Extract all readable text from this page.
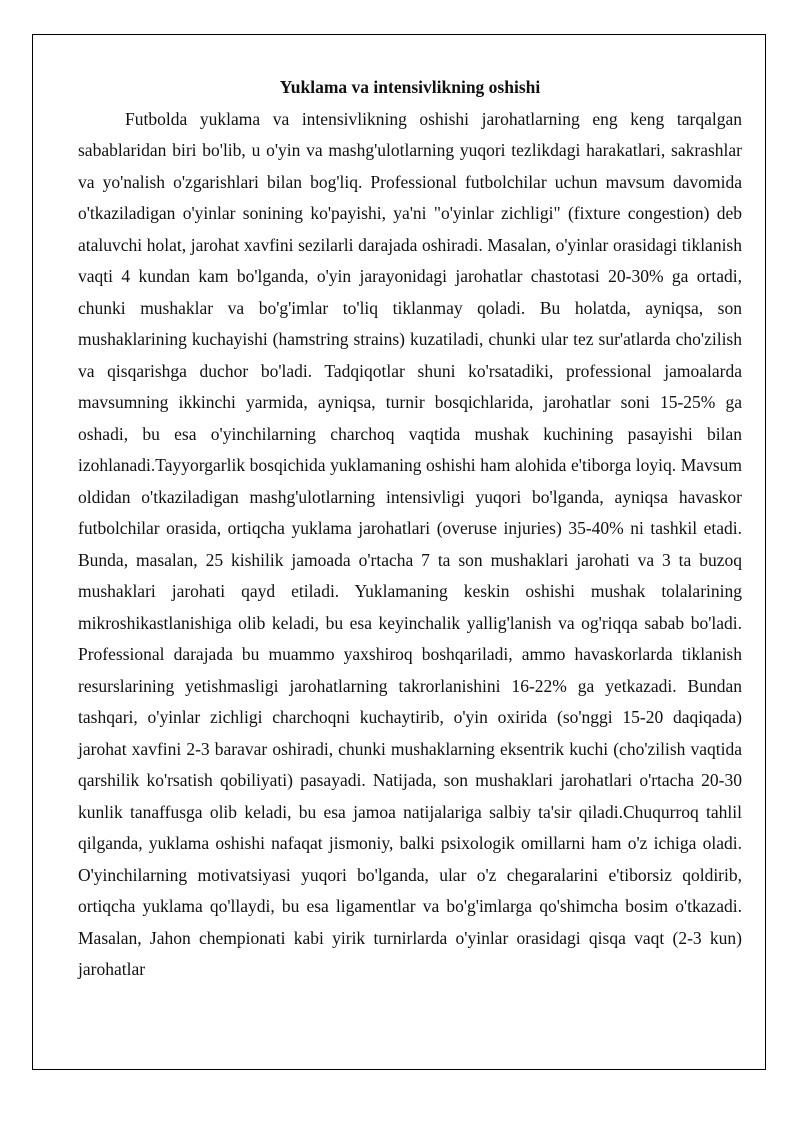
Yuklama va intensivlikning oshishi

Futbolda yuklama va intensivlikning oshishi jarohatlarning eng keng tarqalgan sabablaridan biri bo'lib, u o'yin va mashg'ulotlarning yuqori tezlikdagi harakatlari, sakrashlar va yo'nalish o'zgarishlari bilan bog'liq. Professional futbolchilar uchun mavsum davomida o'tkaziladigan o'yinlar sonining ko'payishi, ya'ni "o'yinlar zichligi" (fixture congestion) deb ataluvchi holat, jarohat xavfini sezilarli darajada oshiradi. Masalan, o'yinlar orasidagi tiklanish vaqti 4 kundan kam bo'lganda, o'yin jarayonidagi jarohatlar chastotasi 20-30% ga ortadi, chunki mushaklar va bo'g'imlar to'liq tiklanmay qoladi. Bu holatda, ayniqsa, son mushaklarining kuchayishi (hamstring strains) kuzatiladi, chunki ular tez sur'atlarda cho'zilish va qisqarishga duchor bo'ladi. Tadqiqotlar shuni ko'rsatadiki, professional jamoalarda mavsumning ikkinchi yarmida, ayniqsa, turnir bosqichlarida, jarohatlar soni 15-25% ga oshadi, bu esa o'yinchilarning charchoq vaqtida mushak kuchining pasayishi bilan izohlanadi.Tayyorgarlik bosqichida yuklamaning oshishi ham alohida e'tiborga loyiq. Mavsum oldidan o'tkaziladigan mashg'ulotlarning intensivligi yuqori bo'lganda, ayniqsa havaskor futbolchilar orasida, ortiqcha yuklama jarohatlari (overuse injuries) 35-40% ni tashkil etadi. Bunda, masalan, 25 kishilik jamoada o'rtacha 7 ta son mushaklari jarohati va 3 ta buzoq mushaklari jarohati qayd etiladi. Yuklamaning keskin oshishi mushak tolalarining mikroshikastlanishiga olib keladi, bu esa keyinchalik yallig'lanish va og'riqqa sabab bo'ladi. Professional darajada bu muammo yaxshiroq boshqariladi, ammo havaskorlarda tiklanish resurslarining yetishmasligi jarohatlarning takrorlanishini 16-22% ga yetkazadi. Bundan tashqari, o'yinlar zichligi charchoqni kuchaytirib, o'yin oxirida (so'nggi 15-20 daqiqada) jarohat xavfini 2-3 baravar oshiradi, chunki mushaklarning eksentrik kuchi (cho'zilish vaqtida qarshilik ko'rsatish qobiliyati) pasayadi. Natijada, son mushaklari jarohatlari o'rtacha 20-30 kunlik tanaffusga olib keladi, bu esa jamoa natijalariga salbiy ta'sir qiladi.Chuqurroq tahlil qilganda, yuklama oshishi nafaqat jismoniy, balki psixologik omillarni ham o'z ichiga oladi. O'yinchilarning motivatsiyasi yuqori bo'lganda, ular o'z chegaralarini e'tiborsiz qoldirib, ortiqcha yuklama qo'llaydi, bu esa ligamentlar va bo'g'imlarga qo'shimcha bosim o'tkazadi. Masalan, Jahon chempionati kabi yirik turnirlarda o'yinlar orasidagi qisqa vaqt (2-3 kun) jarohatlar
